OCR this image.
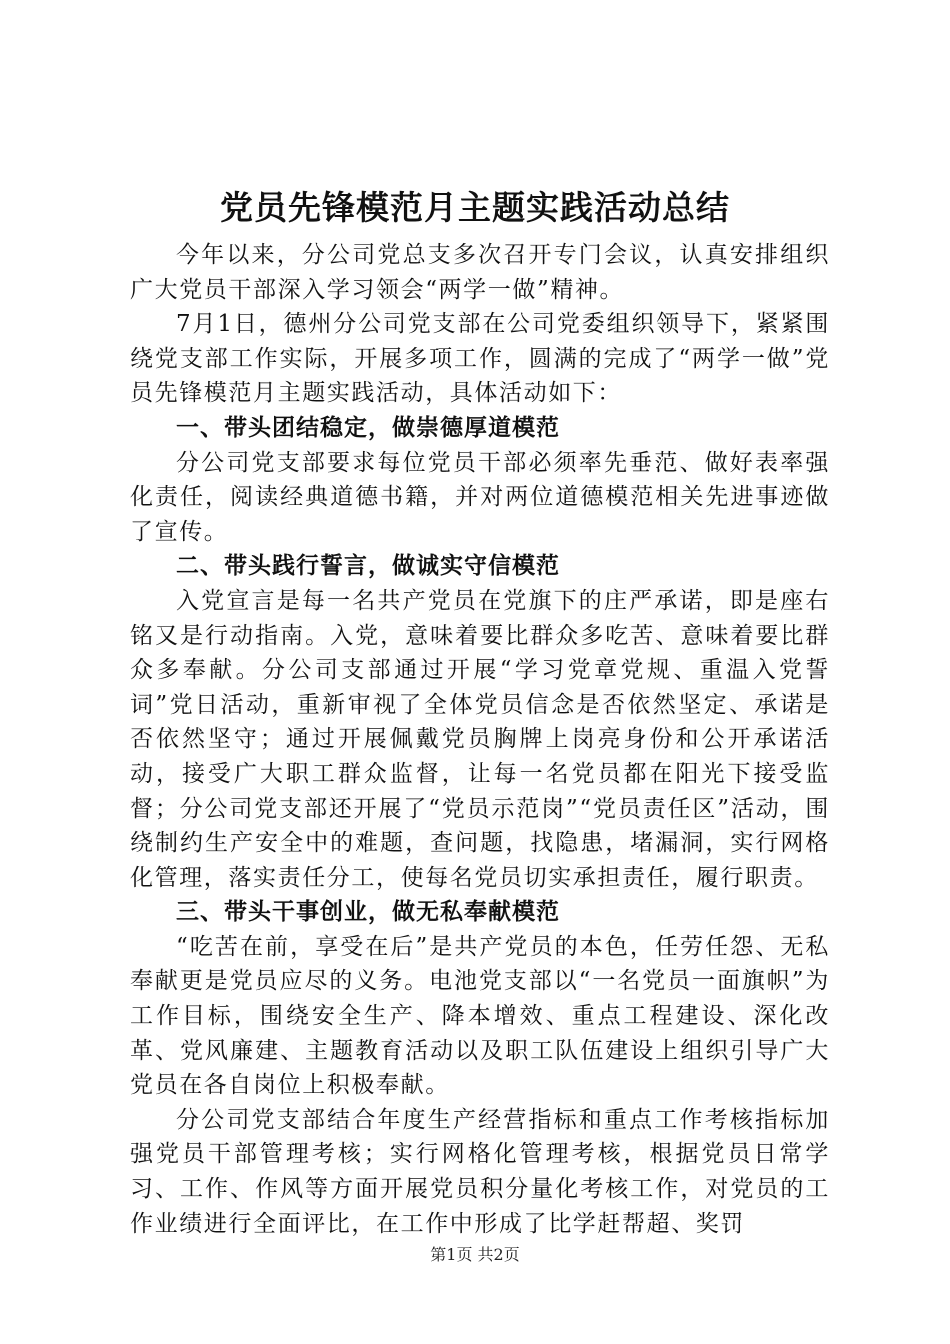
党员先锋模范月主题实践活动总结

今年以来，分公司党总支多次召开专门会议，认真安排组织广大党员干部深入学习领会“两学一做”精神。

7月1日，德州分公司党支部在公司党委组织领导下，紧紧围绕党支部工作实际，开展多项工作，圆满的完成了“两学一做”党员先锋模范月主题实践活动，具体活动如下：

一、带头团结稳定，做崇德厚道模范

分公司党支部要求每位党员干部必须率先垂范、做好表率强化责任，阅读经典道德书籍，并对两位道德模范相关先进事迹做了宣传。

二、带头践行誓言，做诚实守信模范

入党宣言是每一名共产党员在党旗下的庄严承诺，即是座右铭又是行动指南。入党，意味着要比群众多吃苦、意味着要比群众多奉献。分公司支部通过开展“学习党章党规、重温入党誓词”党日活动，重新审视了全体党员信念是否依然坚定、承诺是否依然坚守；通过开展佩戴党员胸牌上岗亮身份和公开承诺活动，接受广大职工群众监督，让每一名党员都在阳光下接受监督；分公司党支部还开展了“党员示范岗”“党员责任区”活动，围绕制约生产安全中的难题，查问题，找隐患，堵漏洞，实行网格化管理，落实责任分工，使每名党员切实承担责任，履行职责。

三、带头干事创业，做无私奉献模范

“吃苦在前，享受在后”是共产党员的本色，任劳任怨、无私奉献更是党员应尽的义务。电池党支部以“一名党员一面旗帜”为工作目标，围绕安全生产、降本增效、重点工程建设、深化改革、党风廉建、主题教育活动以及职工队伍建设上组织引导广大党员在各自岗位上积极奉献。

分公司党支部结合年度生产经营指标和重点工作考核指标加强党员干部管理考核；实行网格化管理考核，根据党员日常学习、工作、作风等方面开展党员积分量化考核工作，对党员的工作业绩进行全面评比，在工作中形成了比学赶帮超、奖罚

第1页 共2页
